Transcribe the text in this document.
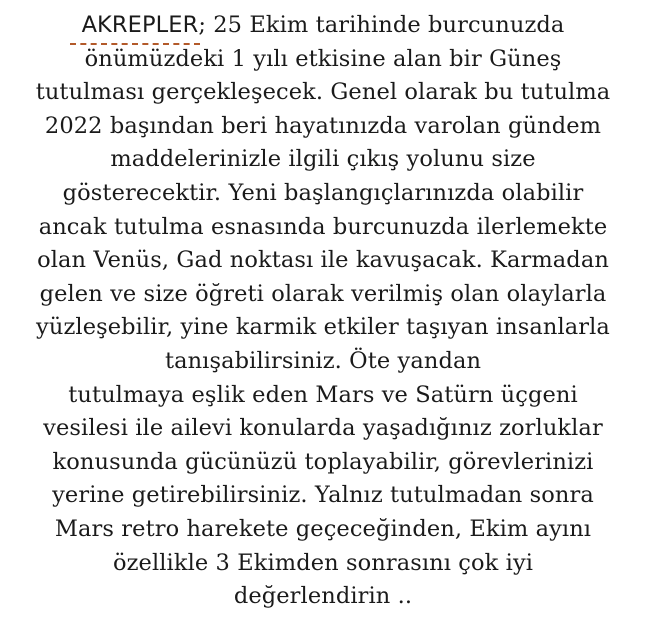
AKREPLER
; 25 Ekim tarihinde burcunuzda
önümüzdeki 1 yılı etkisine alan bir Güneş
tutulması gerçekleşecek. Genel olarak bu tutulma
2022 başından beri hayatınızda varolan gündem
maddelerinizle ilgili çıkış yolunu size
gösterecektir. Yeni başlangıçlarınızda olabilir
ancak tutulma esnasında burcunuzda ilerlemekte
olan Venüs, Gad noktası ile kavuşacak. Karmadan
gelen ve size öğreti olarak verilmiş olan olaylarla
yüzleşebilir, yine karmik etkiler taşıyan insanlarla
tanışabilirsiniz. Öte yandan
tutulmaya eşlik eden Mars ve Satürn üçgeni
vesilesi ile ailevi konularda yaşadığınız zorluklar
konusunda gücünüzü toplayabilir, görevlerinizi
yerine getirebilirsiniz. Yalnız tutulmadan sonra
Mars retro harekete geçeceğinden, Ekim ayını
özellikle 3 Ekimden sonrasını çok iyi
değerlendirin ..
